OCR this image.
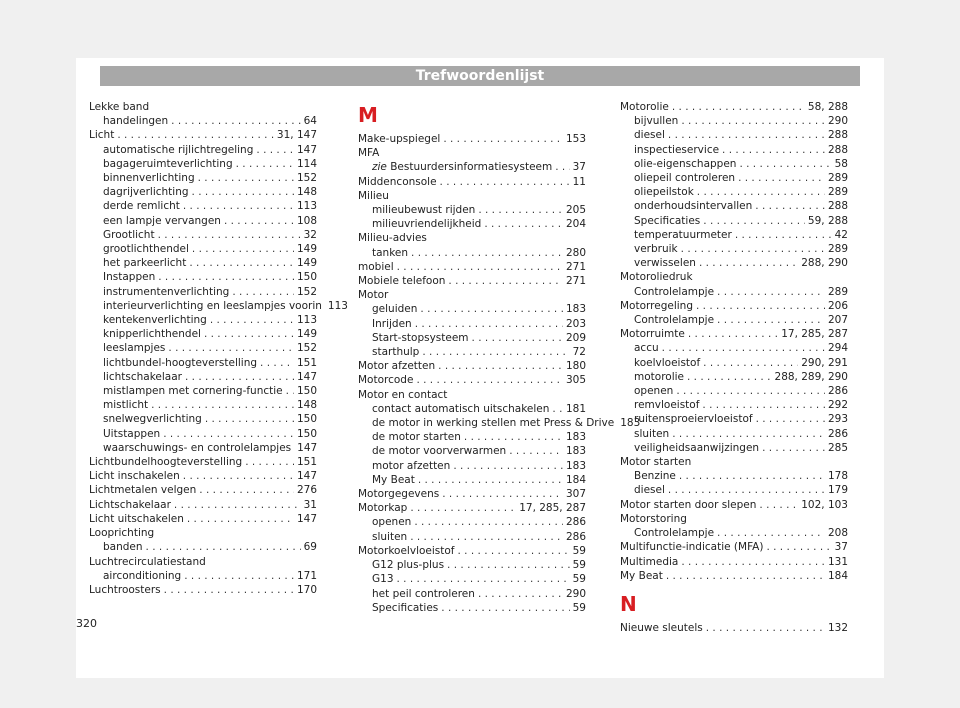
Trefwoordenlijst
Lekke band
handelingen . . .	64
Licht . . .	31, 147
automatische rijlichtregeling . . .	147
bagageruimteverlichting . . .	114
binnenverlichting . . .	152
dagrijverlichting . . .	148
derde remlicht . . .	113
een lampje vervangen . . .	108
Grootlicht . . .	32
grootlichthendel . . .	149
het parkeerlicht . . .	149
Instappen . . .	150
instrumentenverlichting . . .	152
interieurverlichting en leeslampjes voorin 113
kentekenverlichting . . .	113
knipperlichthendel . . .	149
leeslampjes . . .	152
lichtbundel-hoogteverstelling . . .	151
lichtschakelaar . . .	147
mistlampen met cornering-functie . . . 150
mistlicht . . .	148
snelwegverlichting . . .	150
Uitstappen . . .	150
waarschuwings- en controlelampjes 147
Lichtbundelhoogteverstelling . . .	151
Licht inschakelen . . .	147
Lichtmetalen velgen . . .	276
Lichtschakelaar . . .	31
Licht uitschakelen . . .	147
Looprichting
banden . . .	69
Luchtrecirculatiestand
airconditioning . . .	171
Luchtroosters . . .	170
M
Make-upspiegel . . .	153
MFA
zie Bestuurdersinformatiesysteem . . . 37
Middenconsole . . .	11
Milieu
milieubewust rijden . . .	205
milieuvriendelijkheid . . .	204
Milieu-advies
tanken . . .	280
mobiel . . .	271
Mobiele telefoon . . .	271
Motor
geluiden . . .	183
Inrijden . . .	203
Start-stopsysteem . . .	209
starthulp . . .	72
Motor afzetten . . .	180
Motorcode . . .	305
Motor en contact
contact automatisch uitschakelen . . . 181
de motor in werking stellen met Press & Drive 183
de motor starten . . .	183
de motor voorverwarmen . . .	183
motor afzetten . . .	183
My Beat . . .	184
Motorgegevens . . .	307
Motorkap . . .	17, 285, 287
openen . . .	286
sluiten . . .	286
Motorkoelvloeistof . . .	59
G12 plus-plus . . .	59
G13 . . .	59
het peil controleren . . .	290
Specificaties . . .	59
Motorolie . . .	58, 288
bijvullen . . .	290
diesel . . .	288
inspectieservice . . .	288
olie-eigenschappen . . .	58
oliepeil controleren . . .	289
oliepeilstok . . .	289
onderhoudsintervallen . . .	288
Specificaties . . .	59, 288
temperatuurmeter . . .	42
verbruik . . .	289
verwisselen . . .	288, 290
Motoroliedruk
Controlelampje . . .	289
Motorregeling . . .	206
Controlelampje . . .	207
Motorruimte . . .	17, 285, 287
accu . . .	294
koelvloeistof . . .	290, 291
motorolie . . .	288, 289, 290
openen . . .	286
remvloeistof . . .	292
ruitensproeiervloeistof . . .	293
sluiten . . .	286
veiligheidsaanwijzingen . . .	285
Motor starten
Benzine . . .	178
diesel . . .	179
Motor starten door slepen . . .	102, 103
Motorstoring
Controlelampje . . .	208
Multifunctie-indicatie (MFA) . . .	37
Multimedia . . .	131
My Beat . . .	184
N
Nieuwe sleutels . . .	132
320
